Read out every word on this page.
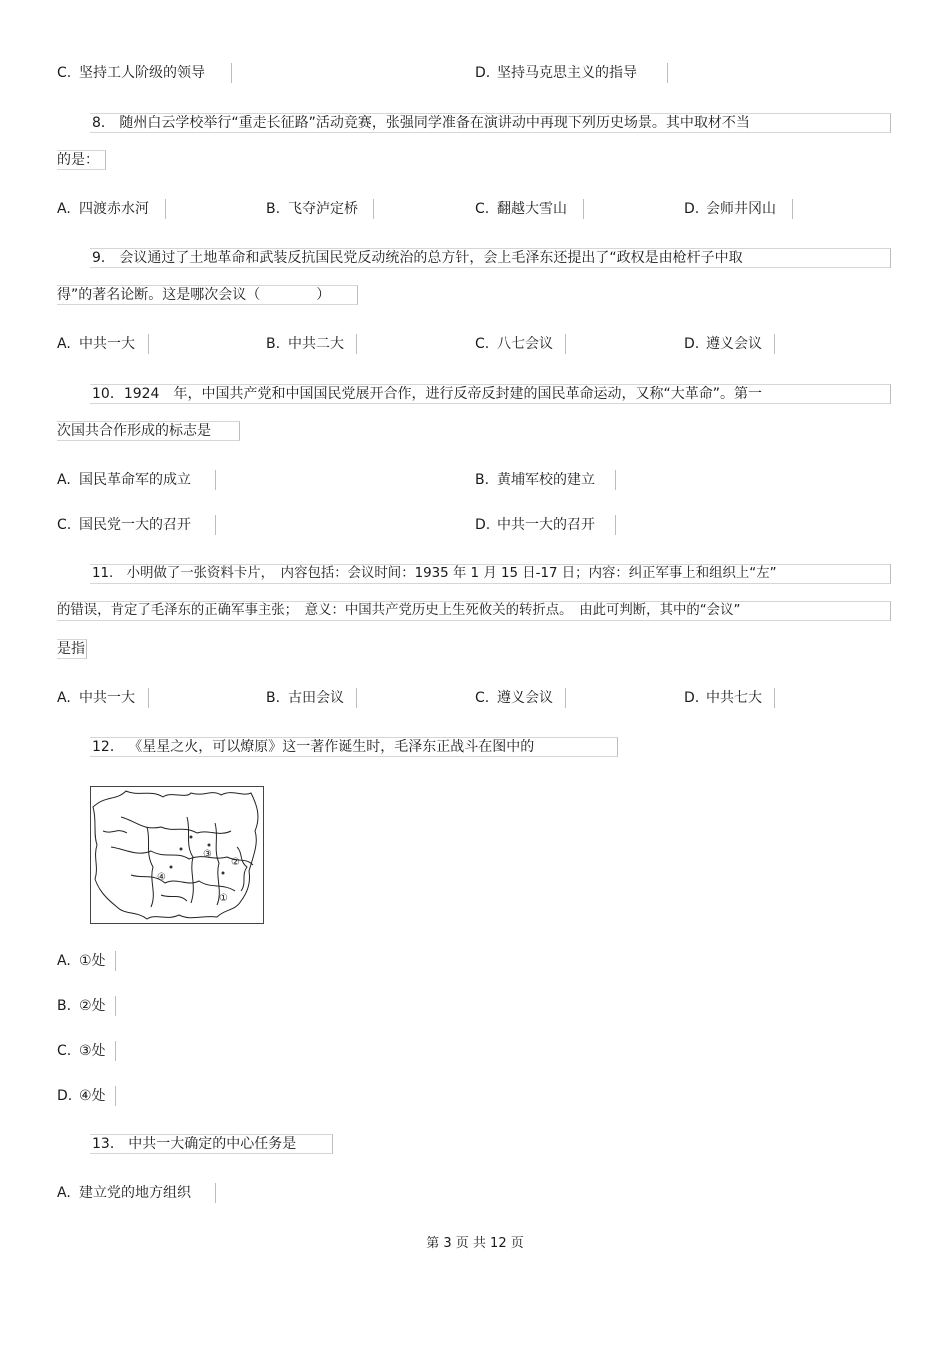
C. 坚持工人阶级的领导	D. 坚持马克思主义的指导
8． 随州白云学校举行“重走长征路”活动竞赛，张强同学准备在演讲动中再现下列历史场景。其中取材不当
的是：
A. 四渡赤水河	B. 飞夺泸定桥	C. 翻越大雪山	D. 会师井冈山
9． 会议通过了土地革命和武装反抗国民党反动统治的总方针，会上毛泽东还提出了“政权是由枪杆子中取
得”的著名论断。这是哪次会议（　　　　）
A. 中共一大	B. 中共二大	C. 八七会议	D. 遵义会议
10．1924　年，中国共产党和中国国民党展开合作，进行反帝反封建的国民革命运动，又称“大革命”。第一
次国共合作形成的标志是
A. 国民革命军的成立	B. 黄埔军校的建立
C. 国民党一大的召开	D. 中共一大的召开
11． 小明做了一张资料卡片，　内容包括：会议时间：1935 年 1 月 15 日-17 日；内容：纠正军事上和组织上“左”
的错误，肯定了毛泽东的正确军事主张；　意义：中国共产党历史上生死攸关的转折点。　由此可判断，其中的“会议”
是指
A. 中共一大	B. 古田会议	C. 遵义会议	D. 中共七大
12． 《星星之火，可以燎原》这一著作诞生时，毛泽东正战斗在图中的
④
③
②
①
A. ①处
B. ②处
C. ③处
D. ④处
13． 中共一大确定的中心任务是
A. 建立党的地方组织
第 3 页 共 12 页
